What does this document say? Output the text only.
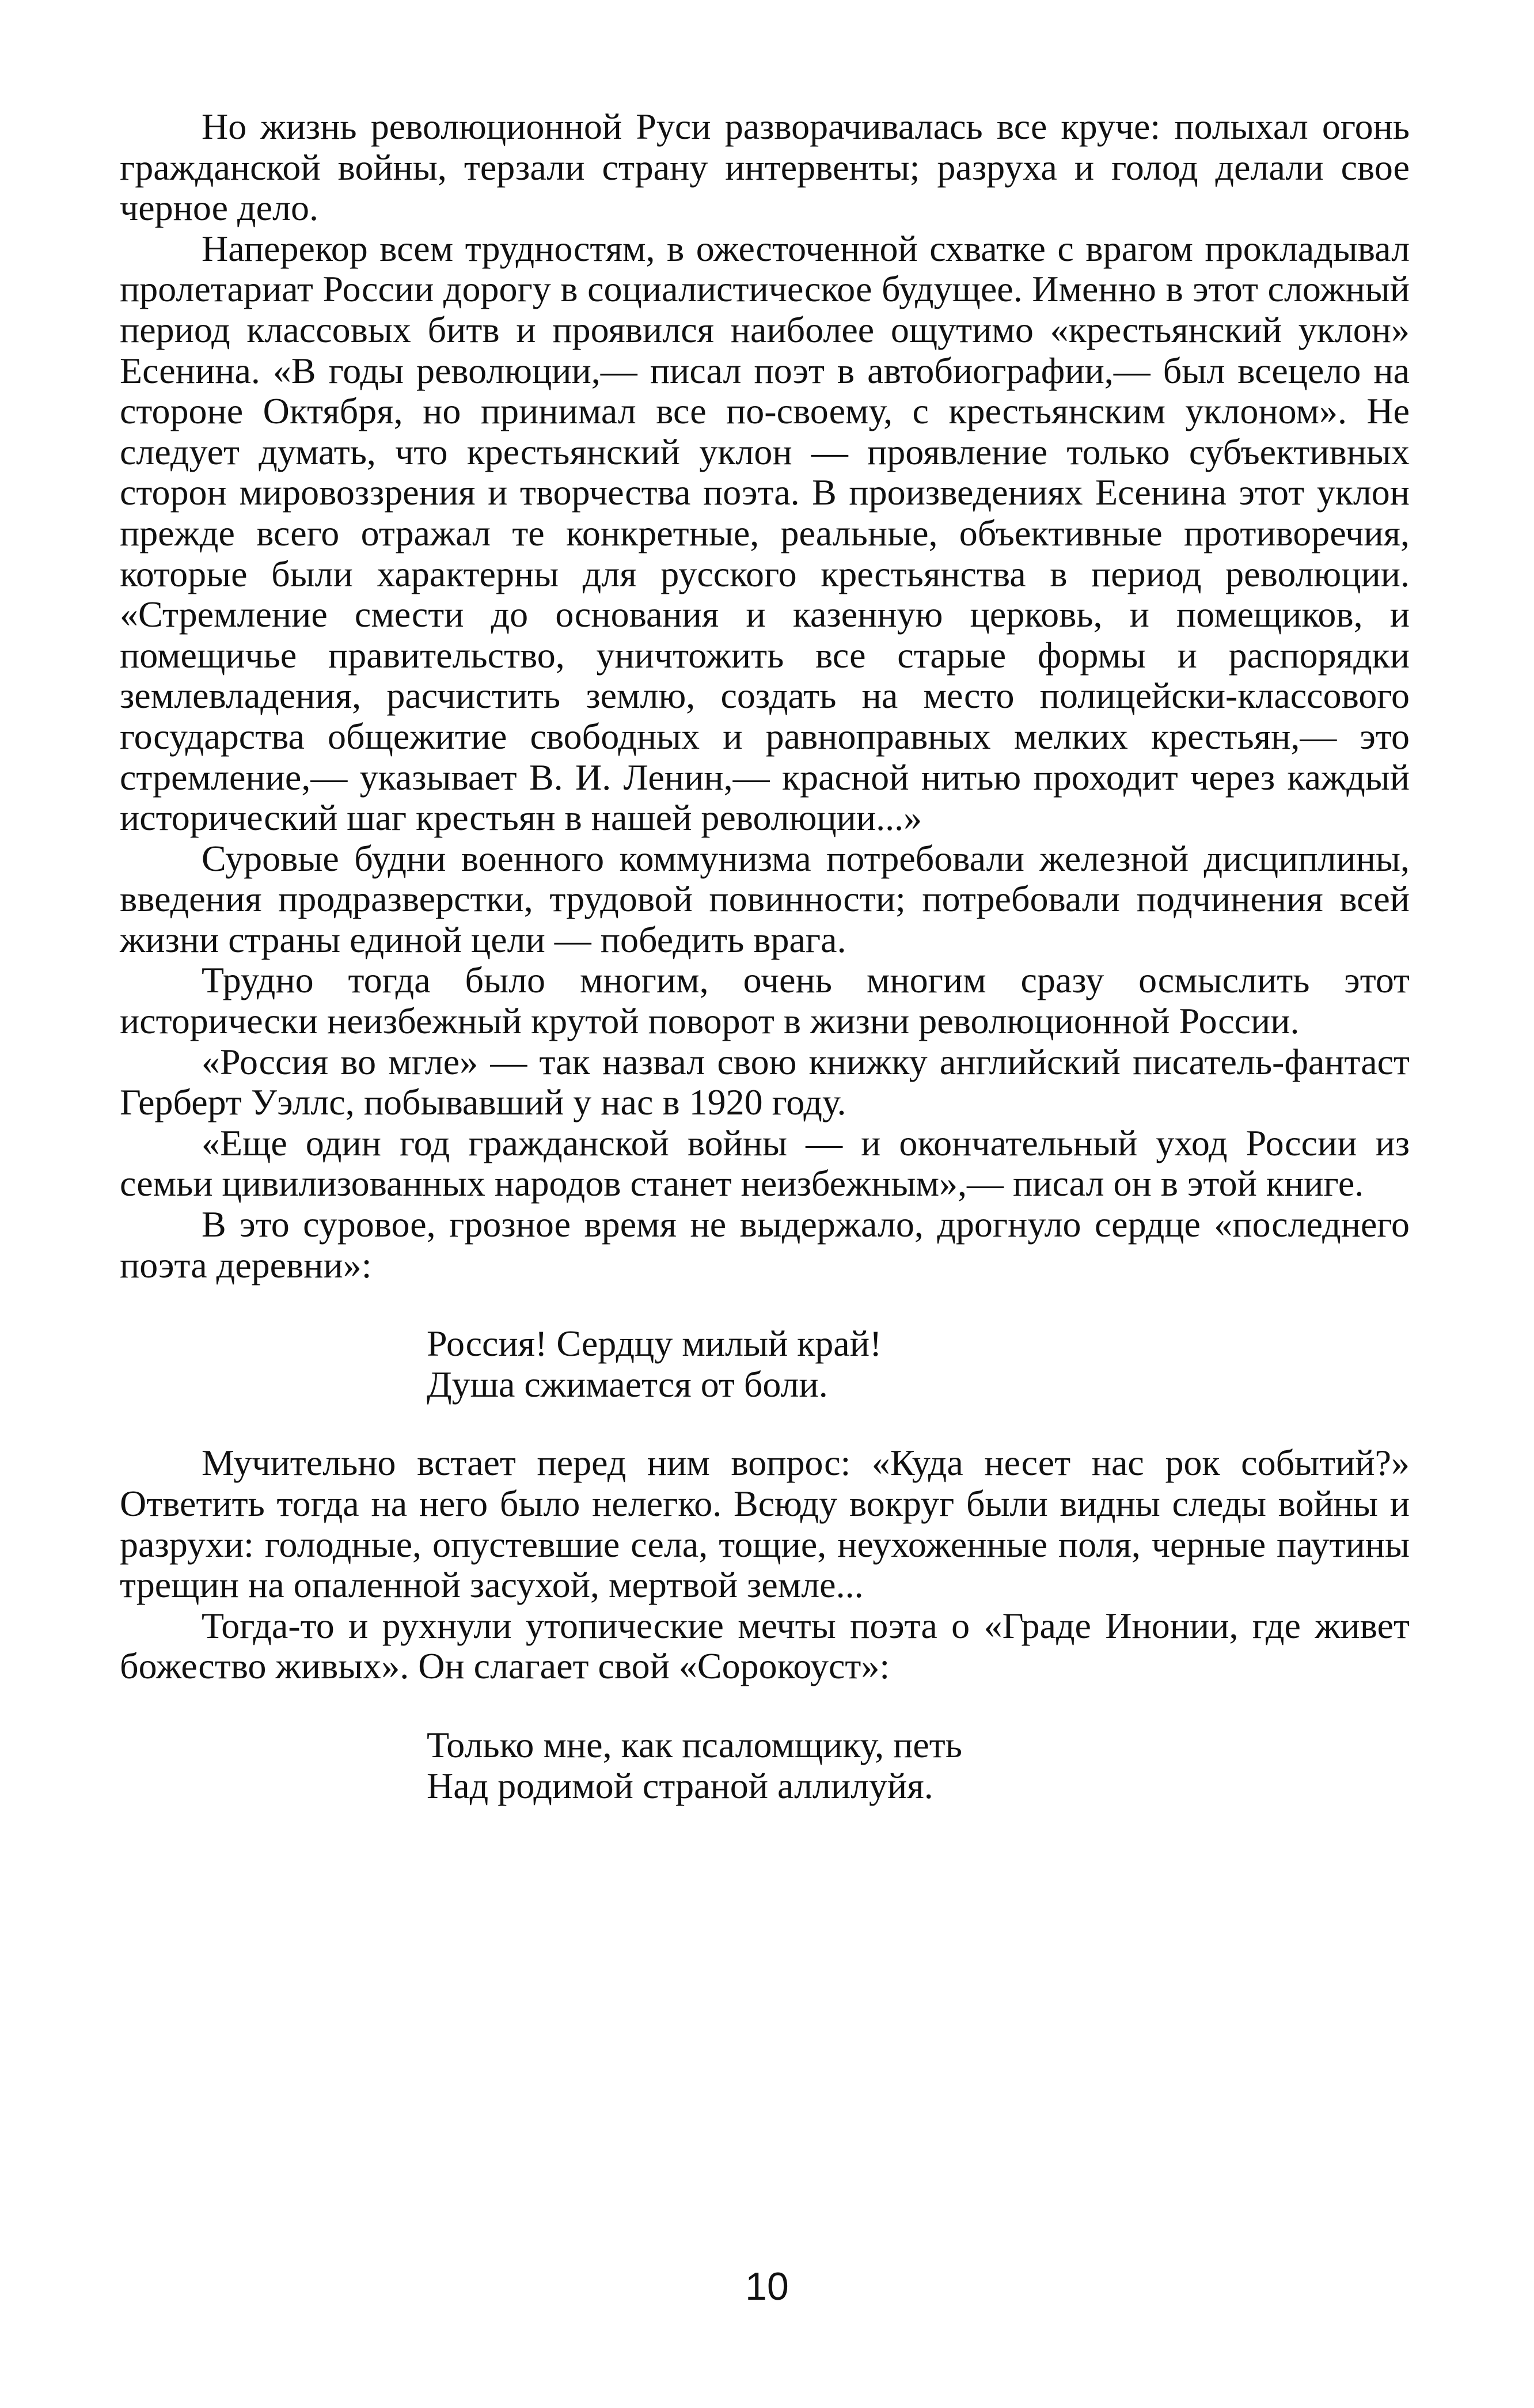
Но жизнь революционной Руси разворачивалась все круче: полыхал огонь гражданской войны, терзали страну интервенты; разруха и голод делали свое черное дело.

Наперекор всем трудностям, в ожесточенной схватке с врагом прокладывал пролетариат России дорогу в социалистическое будущее. Именно в этот сложный период классовых битв и проявился наиболее ощутимо «крестьянский уклон» Есенина. «В годы революции,— писал поэт в автобиографии,— был всецело на стороне Октября, но принимал все по-своему, с крестьянским уклоном». Не следует думать, что крестьянский уклон — проявление только субъективных сторон мировоззрения и творчества поэта. В произведениях Есенина этот уклон прежде всего отражал те конкретные, реальные, объективные противоречия, которые были характерны для русского крестьянства в период революции. «Стремление смести до основания и казенную церковь, и помещиков, и помещичье правительство, уничтожить все старые формы и распорядки землевладения, расчистить землю, создать на место полицейски-классового государства общежитие свободных и равноправных мелких крестьян,— это стремление,— указывает В. И. Ленин,— красной нитью проходит через каждый исторический шаг крестьян в нашей революции...»

Суровые будни военного коммунизма потребовали железной дисциплины, введения продразверстки, трудовой повинности; потребовали подчинения всей жизни страны единой цели — победить врага.

Трудно тогда было многим, очень многим сразу осмыслить этот исторически неизбежный крутой поворот в жизни революционной России.

«Россия во мгле» — так назвал свою книжку английский писатель-фантаст Герберт Уэллс, побывавший у нас в 1920 году.

«Еще один год гражданской войны — и окончательный уход России из семьи цивилизованных народов станет неизбежным»,— писал он в этой книге.

В это суровое, грозное время не выдержало, дрогнуло сердце «последнего поэта деревни»:

Россия! Сердцу милый край!
Душа сжимается от боли.

Мучительно встает перед ним вопрос: «Куда несет нас рок событий?» Ответить тогда на него было нелегко. Всюду вокруг были видны следы войны и разрухи: голодные, опустевшие села, тощие, неухоженные поля, черные паутины трещин на опаленной засухой, мертвой земле...

Тогда-то и рухнули утопические мечты поэта о «Граде Инонии, где живет божество живых». Он слагает свой «Сорокоуст»:

Только мне, как псаломщику, петь
Над родимой страной аллилуйя.
10
